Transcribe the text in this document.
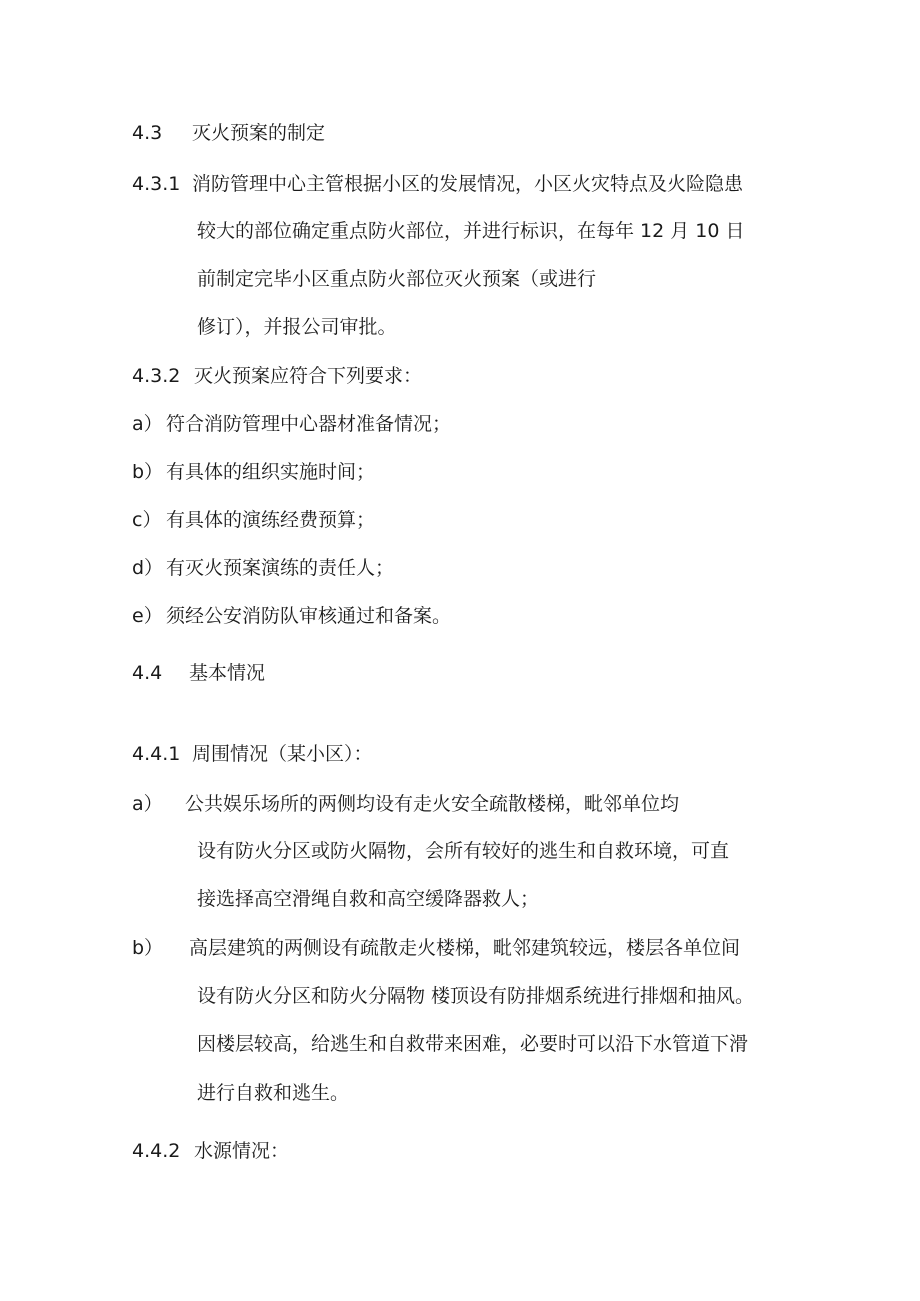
4.3 灭火预案的制定
4.3.1 消防管理中心主管根据小区的发展情况，小区火灾特点及火险隐患
较大的部位确定重点防火部位，并进行标识，在每年 12 月 10 日
前制定完毕小区重点防火部位灭火预案（或进行
修订），并报公司审批。
4.3.2 灭火预案应符合下列要求：
a） 符合消防管理中心器材准备情况；
b） 有具体的组织实施时间；
c） 有具体的演练经费预算；
d） 有灭火预案演练的责任人；
e） 须经公安消防队审核通过和备案。
4.4 基本情况
4.4.1 周围情况（某小区）：
a） 公共娱乐场所的两侧均设有走火安全疏散楼梯，毗邻单位均
设有防火分区或防火隔物，会所有较好的逃生和自救环境，可直
接选择高空滑绳自救和高空缓降器救人；
b） 高层建筑的两侧设有疏散走火楼梯，毗邻建筑较远，楼层各单位间
设有防火分区和防火分隔物 楼顶设有防排烟系统进行排烟和抽风。
因楼层较高，给逃生和自救带来困难，必要时可以沿下水管道下滑
进行自救和逃生。
4.4.2 水源情况：
